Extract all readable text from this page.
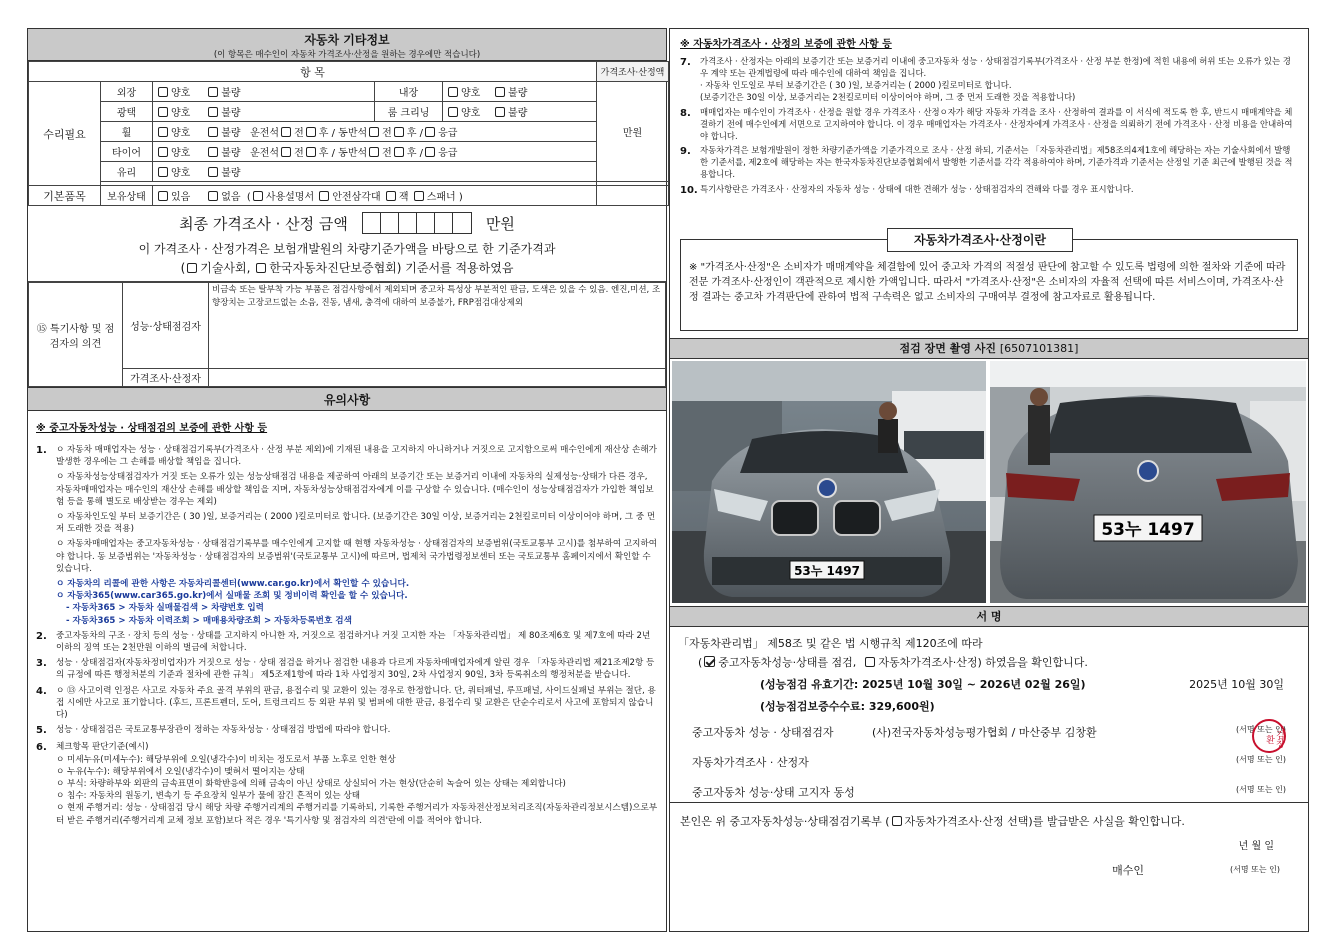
자동차 기타정보
(이 항목은 매수인이 자동차 가격조사·산정을 원하는 경우에만 적습니다)
항 목					가격조사·산정액
수리필요	외장	양호 불량	내장	양호 불량	만원
	광택	양호 불량	룸 크리닝	양호 불량	
	휠	양호 불량 운전석 전 후 / 동반석 전 후 / 응급			
	타이어	양호 불량 운전석 전 후 / 동반석 전 후 / 응급			
	유리	양호 불량			

기본품목	보유상태	있음 없음  ( 사용설명서 안전삼각대 잭 스패너 )			
최종 가격조사 · 산정 금액	만원
이 가격조사 · 산정가격은 보험개발원의 차량기준가액을 바탕으로 한 기준가격과
( 기술사회, 한국자동차진단보증협회) 기준서를 적용하였음
⑮ 특기사항 및 점검자의 의견	성능·상태점검자	비금속 또는 탈부착 가능 부품은 점검사항에서 제외되며 중고차 특성상 부분적인 판금, 도색은 있을 수 있음. 엔진,미션, 조향장치는 고장코드없는 소음, 진동, 냄새, 충격에 대하여 보증불가, FRP점검대상제외
	가격조사·산정자	
유의사항
※ 중고자동차성능 · 상태점검의 보증에 관한 사항 등
1.	ㅇ 자동차 매매업자는 성능 · 상태점검기록부(가격조사 · 산정 부분 제외)에 기재된 내용을 고지하지 아니하거나 거짓으로 고지함으로써 매수인에게 재산상 손해가 발생한 경우에는 그 손해를 배상할 책임을 집니다.
ㅇ 자동차성능상태점검자가 거짓 또는 오류가 있는 성능상태점검 내용을 제공하여 아래의 보증기간 또는 보증거리 이내에 자동차의 실제성능·상태가 다른 경우, 자동차매매업자는 매수인의 재산상 손해를 배상할 책임을 지며, 자동차성능상태점검자에게 이를 구상할 수 있습니다. (매수인이 성능상태점검자가 가입한 책임보험 등을 통해 별도로 배상받는 경우는 제외)
ㅇ 자동차인도일 부터 보증기간은 ( 30 )일, 보증거리는 ( 2000 )킬로미터로 합니다. (보증기간은 30일 이상, 보증거리는 2천킬로미터 이상이어야 하며, 그 중 먼저 도래한 것을 적용)
ㅇ 자동차매매업자는 중고자동차성능 · 상태점검기록부를 매수인에게 고지할 때 현행 자동차성능 · 상태점검자의 보증범위(국토교통부 고시)를 첨부하여 고지하여야 합니다. 동 보증범위는 '자동차성능 · 상태점검자의 보증범위'(국토교통부 고시)에 따르며, 법제처 국가법령정보센터 또는 국토교통부 홈페이지에서 확인할 수 있습니다.
ㅇ 자동차의 리콜에 관한 사항은 자동차리콜센터(www.car.go.kr)에서 확인할 수 있습니다.
ㅇ 자동차365(www.car365.go.kr)에서 실매물 조회 및 정비이력 확인을 할 수 있습니다.
- 자동차365 > 자동차 실매물검색 > 차량번호 입력
- 자동차365 > 자동차 이력조회 > 매매용차량조회 > 자동차등록번호 검색
2.	중고자동차의 구조 · 장치 등의 성능 · 상태를 고지하지 아니한 자, 거짓으로 점검하거나 거짓 고지한 자는 「자동차관리법」 제 80조제6호 및 제7호에 따라 2년 이하의 징역 또는 2천만원 이하의 벌금에 처합니다.
3.	성능 · 상태점검자(자동차정비업자)가 거짓으로 성능 · 상태 점검을 하거나 점검한 내용과 다르게 자동차매매업자에게 알린 경우 「자동차관리법 제21조제2항 등의 규정에 따른 행정처분의 기준과 절차에 관한 규칙」 제5조제1항에 따라 1차 사업정지 30일, 2차 사업정지 90일, 3차 등록취소의 행정처분을 받습니다.
4.	ㅇ ⑬ 사고이력 인정은 사고로 자동차 주요 골격 부위의 판금, 용접수리 및 교환이 있는 경우로 한정합니다. 단, 쿼터패널, 루프패널, 사이드실패널 부위는 절단, 용접 시에만 사고로 표기합니다. (후드, 프론트펜더, 도어, 트렁크리드 등 외판 부위 및 범퍼에 대한 판금, 용접수리 및 교환은 단순수리로서 사고에 포함되지 않습니다)
5.	성능 · 상태점검은 국토교통부장관이 정하는 자동차성능 · 상태점검 방법에 따라야 합니다.
6.	체크항목 판단기준(예시)
ㅇ 미세누유(미세누수): 해당부위에 오일(냉각수)이 비치는 정도로서 부품 노후로 인한 현상
ㅇ 누유(누수): 해당부위에서 오일(냉각수)이 맺혀서 떨어지는 상태
ㅇ 부식: 차량하부와 외판의 금속표면이 화학반응에 의해 금속이 아닌 상태로 상실되어 가는 현상(단순히 녹슬어 있는 상태는 제외합니다)
ㅇ 침수: 자동차의 원동기, 변속기 등 주요장치 일부가 물에 잠긴 흔적이 있는 상태
ㅇ 현재 주행거리: 성능 · 상태점검 당시 해당 차량 주행거리계의 주행거리를 기록하되, 기록한 주행거리가 자동차전산정보처리조직(자동차관리정보시스템)으로부터 받은 주행거리(주행거리계 교체 정보 포함)보다 적은 경우 '특기사항 및 점검자의 의견'란에 이를 적어야 합니다.
※ 자동차가격조사 · 산정의 보증에 관한 사항 등
7.	가격조사 · 산정자는 아래의 보증기간 또는 보증거리 이내에 중고자동차 성능 · 상태점검기록부(가격조사 · 산정 부분 한정)에 적힌 내용에 허위 또는 오류가 있는 경우 계약 또는 관계법령에 따라 매수인에 대하여 책임을 집니다.
· 자동차 인도일로 부터 보증기간은 ( 30 )일, 보증거리는 ( 2000 )킬로미터로 합니다.
(보증기간은 30일 이상, 보증거리는 2천킬로미터 이상이어야 하며, 그 중 먼저 도래한 것을 적용합니다)
8.	매매업자는 매수인이 가격조사 · 산정을 원할 경우 가격조사 · 산정ㅇ자가 해당 자동차 가격을 조사 · 산정하여 결과를 이 서식에 적도록 한 후, 반드시 매매계약을 체결하기 전에 매수인에게 서면으로 고지하여야 합니다. 이 경우 매매업자는 가격조사 · 산정자에게 가격조사 · 산정을 의뢰하기 전에 가격조사 · 산정 비용을 안내하여야 합니다.
9.	자동차가격은 보험개발원이 정한 차량기준가액을 기준가격으로 조사 · 산정 하되, 기준서는 「자동차관리법」제58조의4제1호에 해당하는 자는 기술사회에서 발행한 기준서를, 제2호에 해당하는 자는 한국자동차진단보증협회에서 발행한 기준서를 각각 적용하여야 하며, 기준가격과 기준서는 산정일 기준 최근에 발행된 것을 적용합니다.
10. 특기사항란은 가격조사 · 산정자의 자동차 성능 · 상태에 대한 견해가 성능 · 상태점검자의 견해와 다를 경우 표시합니다.
자동차가격조사·산정이란
※ "가격조사·산정"은 소비자가 매매계약을 체결함에 있어 중고차 가격의 적절성 판단에 참고할 수 있도록 법령에 의한 절차와 기준에 따라 전문 가격조사·산정인이 객관적으로 제시한 가액입니다. 따라서 "가격조사·산정"은 소비자의 자율적 선택에 따른 서비스이며, 가격조사·산정 결과는 중고차 가격판단에 관하여 법적 구속력은 없고 소비자의 구매여부 결정에 참고자료로 활용됩니다.
점검 장면 촬영 사진 [6507101381]
53누 1497
53누 1497
서 명
「자동차관리법」 제58조 및 같은 법 시행규칙 제120조에 따라
( 중고자동차성능·상태를 점검, 자동차가격조사·산정) 하였음을 확인합니다.
(성능점검 유효기간: 2025년 10월 30일 ~ 2026년 02월 26일)	2025년 10월 30일
(성능점검보증수수료: 329,600원)
중고자동차 성능 · 상태점검자	(사)전국자동차성능평가협회 / 마산중부 김창환	(서명 또는 인)
자동차가격조사 · 산정자	(서명 또는 인)
중고자동차 성능·상태 고지자 동성	(서명 또는 인)
김창환
본인은 위 중고자동차성능·상태점검기록부 ( 자동차가격조사·산정 선택)를 발급받은 사실을 확인합니다.
년 월 일
매수인	(서명 또는 인)
